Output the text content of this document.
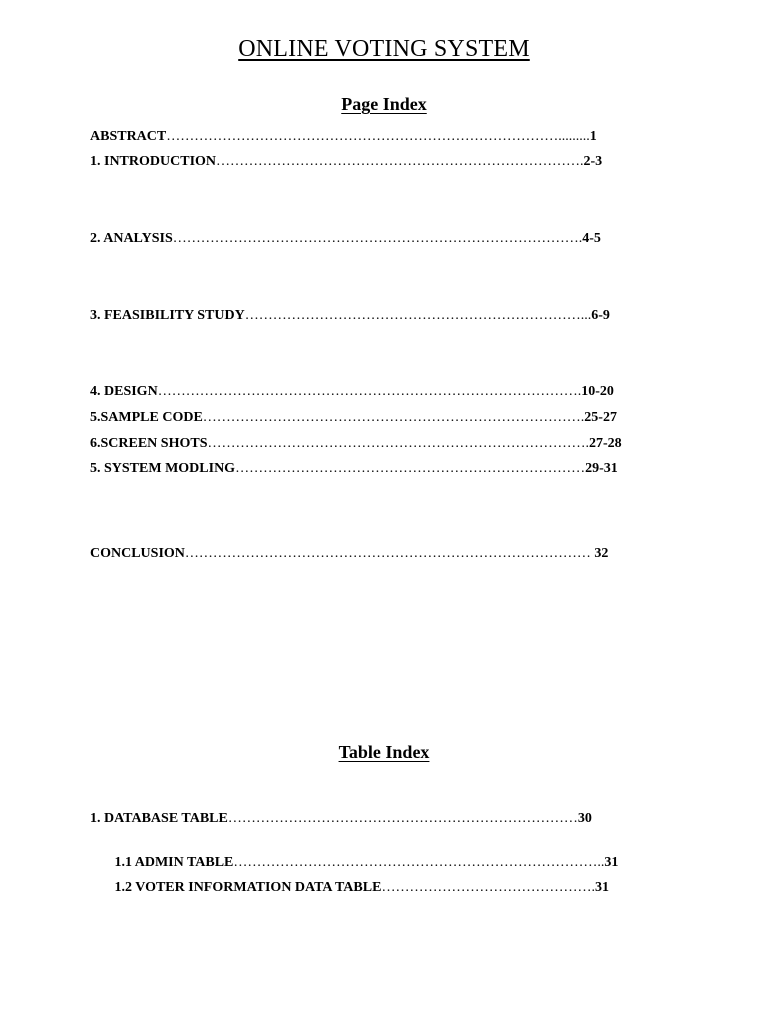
ONLINE VOTING SYSTEM
Page Index
ABSTRACT………………………………………………………………………….........1
1. INTRODUCTION…………………………………………………………………….2-3
2. ANALYSIS…………………………………………………………………………….4-5
3. FEASIBILITY STUDY………………………………………………………………...6-9
4. DESIGN……………………………………………………………………………….10-20
5.SAMPLE CODE……………………………………………………………………….25-27
6.SCREEN SHOTS……………………………………………………………………….27-28
5. SYSTEM MODLING…………………………………………………………………29-31
CONCLUSION…………………………………………………………………………… 32
Table Index
1. DATABASE TABLE…………………………………………………………………30

1.1 ADMIN TABLE……………………………………………………………………..31

1.2 VOTER INFORMATION DATA TABLE……………………………………….31
